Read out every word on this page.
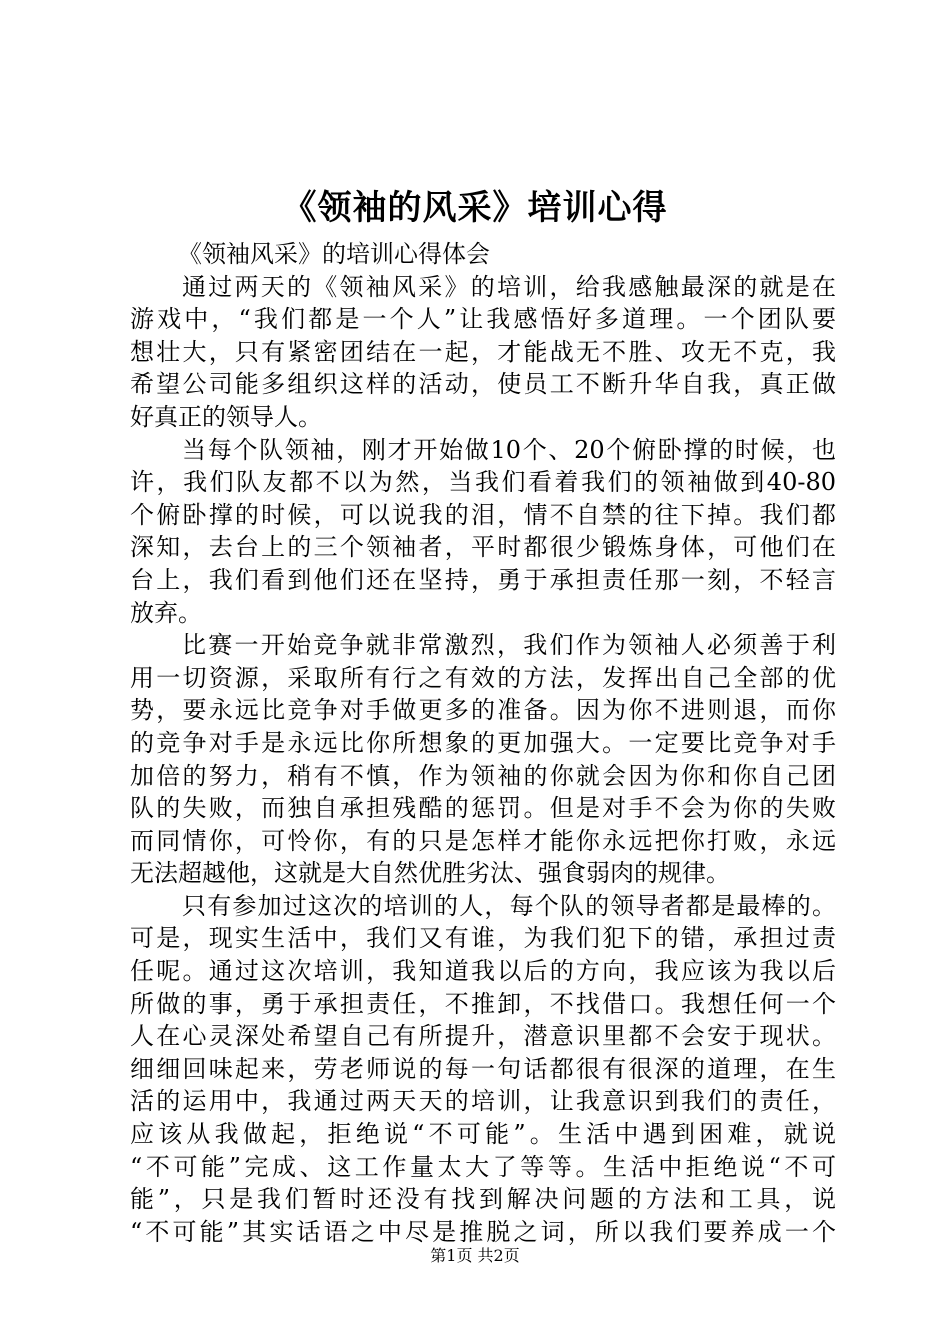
《领袖的风采》培训心得

《领袖风采》的培训心得体会

通过两天的《领袖风采》的培训，给我感触最深的就是在
游戏中，“我们都是一个人”让我感悟好多道理。一个团队要
想壮大，只有紧密团结在一起，才能战无不胜、攻无不克，我
希望公司能多组织这样的活动，使员工不断升华自我，真正做
好真正的领导人。
当每个队领袖，刚才开始做10个、20个俯卧撑的时候，也
许，我们队友都不以为然，当我们看着我们的领袖做到40-80
个俯卧撑的时候，可以说我的泪，情不自禁的往下掉。我们都
深知，去台上的三个领袖者，平时都很少锻炼身体，可他们在
台上，我们看到他们还在坚持，勇于承担责任那一刻，不轻言
放弃。
比赛一开始竞争就非常激烈，我们作为领袖人必须善于利
用一切资源，采取所有行之有效的方法，发挥出自己全部的优
势，要永远比竞争对手做更多的准备。因为你不进则退，而你
的竞争对手是永远比你所想象的更加强大。一定要比竞争对手
加倍的努力，稍有不慎，作为领袖的你就会因为你和你自己团
队的失败，而独自承担残酷的惩罚。但是对手不会为你的失败
而同情你，可怜你，有的只是怎样才能你永远把你打败，永远
无法超越他，这就是大自然优胜劣汰、强食弱肉的规律。
只有参加过这次的培训的人，每个队的领导者都是最棒的。
可是，现实生活中，我们又有谁，为我们犯下的错，承担过责
任呢。通过这次培训，我知道我以后的方向，我应该为我以后
所做的事，勇于承担责任，不推卸，不找借口。我想任何一个
人在心灵深处希望自己有所提升，潜意识里都不会安于现状。
细细回味起来，劳老师说的每一句话都很有很深的道理，在生
活的运用中，我通过两天天的培训，让我意识到我们的责任，
应该从我做起，拒绝说“不可能”。生活中遇到困难，就说
“不可能”完成、这工作量太大了等等。生活中拒绝说“不可
能”，只是我们暂时还没有找到解决问题的方法和工具，说
“不可能”其实话语之中尽是推脱之词，所以我们要养成一个
第1页 共2页
